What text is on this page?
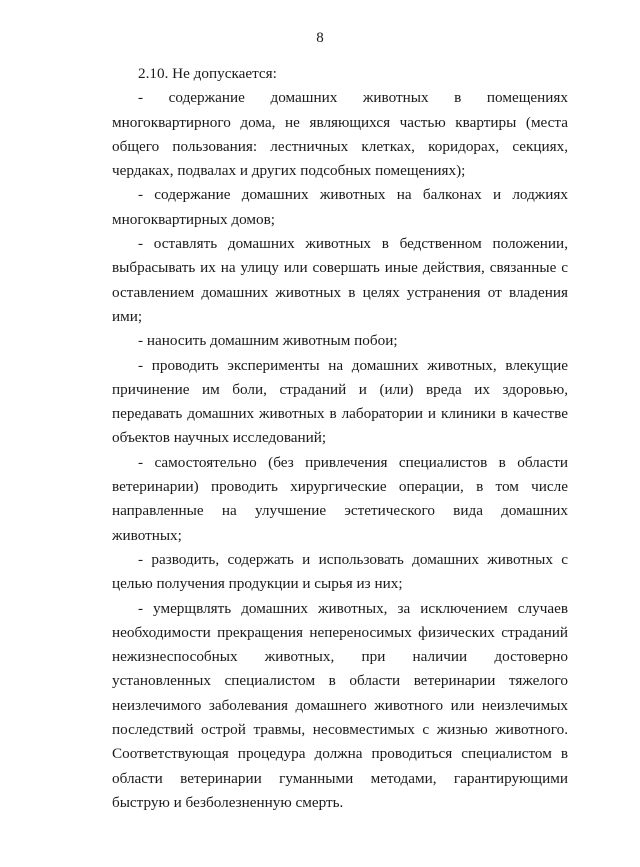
8

2.10. Не допускается:

- содержание домашних животных в помещениях многоквартирного дома, не являющихся частью квартиры (места общего пользования: лестничных клетках, коридорах, секциях, чердаках, подвалах и других подсобных помещениях);

- содержание домашних животных на балконах и лоджиях многоквартирных домов;

- оставлять домашних животных в бедственном положении, выбрасывать их на улицу или совершать иные действия, связанные с оставлением домашних животных в целях устранения от владения ими;

- наносить домашним животным побои;

- проводить эксперименты на домашних животных, влекущие причинение им боли, страданий и (или) вреда их здоровью, передавать домашних животных в лаборатории и клиники в качестве объектов научных исследований;

- самостоятельно (без привлечения специалистов в области ветеринарии) проводить хирургические операции, в том числе направленные на улучшение эстетического вида домашних животных;

- разводить, содержать и использовать домашних животных с целью получения продукции и сырья из них;

- умерщвлять домашних животных, за исключением случаев необходимости прекращения непереносимых физических страданий нежизнеспособных животных, при наличии достоверно установленных специалистом в области ветеринарии тяжелого неизлечимого заболевания домашнего животного или неизлечимых последствий острой травмы, несовместимых с жизнью животного. Соответствующая процедура должна проводиться специалистом в области ветеринарии гуманными методами, гарантирующими быструю и безболезненную смерть.
